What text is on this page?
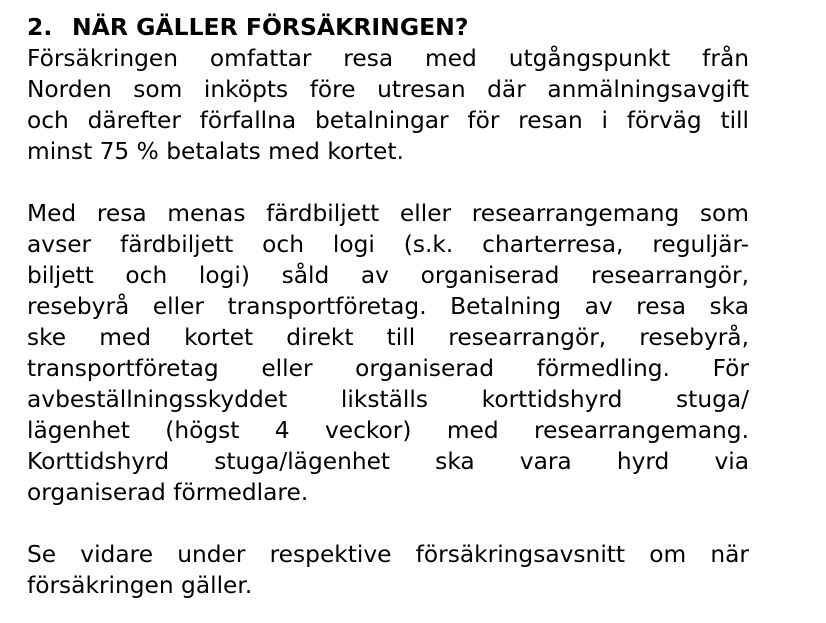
2. NÄR GÄLLER FÖRSÄKRINGEN?

Försäkringen omfattar resa med utgångspunkt från
Norden som inköpts före utresan där anmälningsavgift
och därefter förfallna betalningar för resan i förväg till
minst 75 % betalats med kortet.

Med resa menas färdbiljett eller researrangemang som
avser färdbiljett och logi (s.k. charterresa, reguljär-
biljett och logi) såld av organiserad researrangör,
resebyrå eller transportföretag. Betalning av resa ska
ske med kortet direkt till researrangör, resebyrå,
transportföretag eller organiserad förmedling. För
avbeställningsskyddet likställs korttidshyrd stuga/
lägenhet (högst 4 veckor) med researrangemang.
Korttidshyrd stuga/lägenhet ska vara hyrd via
organiserad förmedlare.

Se vidare under respektive försäkringsavsnitt om när
försäkringen gäller.
